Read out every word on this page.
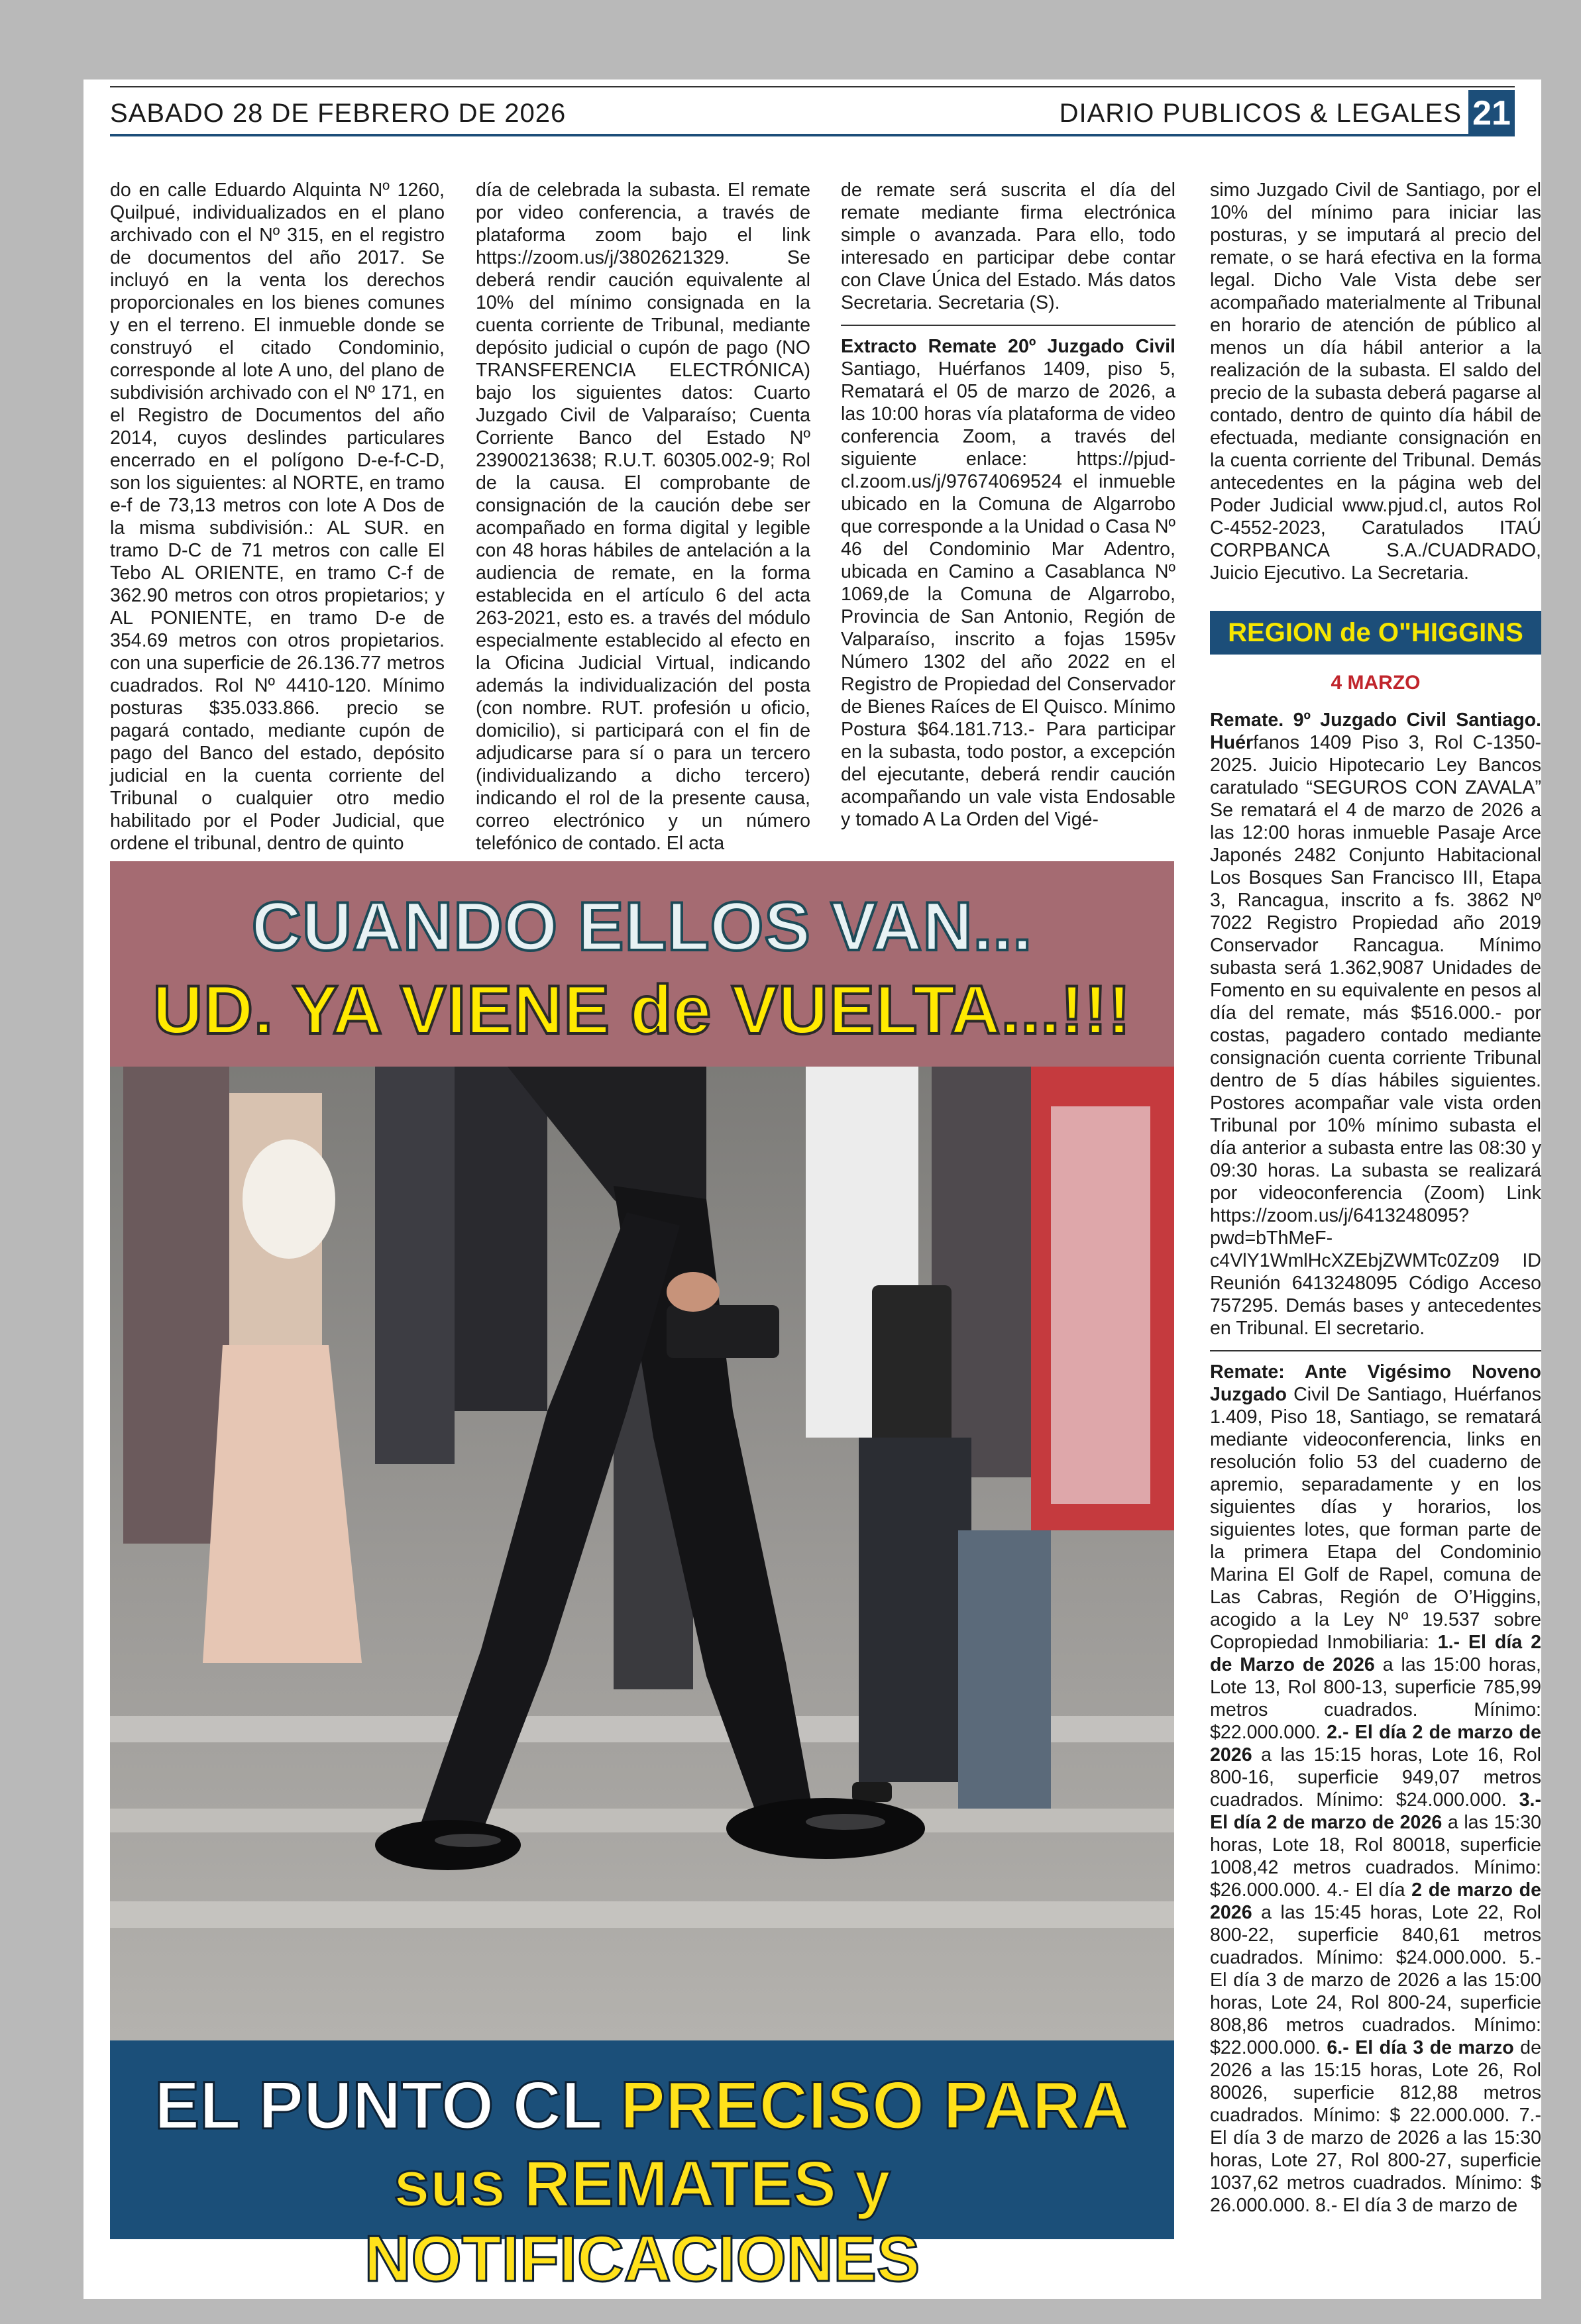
SABADO 28 DE FEBRERO DE 2026	DIARIO PUBLICOS & LEGALES 21

do en calle Eduardo Alquinta Nº 1260, Quilpué, individualizados en el plano archivado con el Nº 315, en el registro de documentos del año 2017. Se incluyó en la venta los derechos proporcionales en los bienes comunes y en el terreno. El inmueble donde se construyó el citado Condominio, corresponde al lote A uno, del plano de subdivisión archivado con el Nº 171, en el Registro de Documentos del año 2014, cuyos deslindes particulares encerrado en el polígono D-e-f-C-D, son los siguientes: al NORTE, en tramo e-f de 73,13 metros con lote A Dos de la misma subdivisión.: AL SUR. en tramo D-C de 71 metros con calle El Tebo AL ORIENTE, en tramo C-f de 362.90 metros con otros propietarios; y AL PONIENTE, en tramo D-e de 354.69 metros con otros propietarios. con una superficie de 26.136.77 metros cuadrados. Rol Nº 4410-120. Mínimo posturas $35.033.866. precio se pagará contado, mediante cupón de pago del Banco del estado, depósito judicial en la cuenta corriente del Tribunal o cualquier otro medio habilitado por el Poder Judicial, que ordene el tribunal, dentro de quinto

día de celebrada la subasta. El remate por video conferencia, a través de plataforma zoom bajo el link https://zoom.us/j/3802621329. Se deberá rendir caución equivalente al 10% del mínimo consignada en la cuenta corriente de Tribunal, mediante depósito judicial o cupón de pago (NO TRANSFERENCIA ELECTRÓNICA) bajo los siguientes datos: Cuarto Juzgado Civil de Valparaíso; Cuenta Corriente Banco del Estado Nº 23900213638; R.U.T. 60305.002-9; Rol de la causa. El comprobante de consignación de la caución debe ser acompañado en forma digital y legible con 48 horas hábiles de antelación a la audiencia de remate, en la forma establecida en el artículo 6 del acta 263-2021, esto es. a través del módulo especialmente establecido al efecto en la Oficina Judicial Virtual, indicando además la individualización del posta (con nombre. RUT. profesión u oficio, domicilio), si participará con el fin de adjudicarse para sí o para un tercero (individualizando a dicho tercero) indicando el rol de la presente causa, correo electrónico y un número telefónico de contado. El acta

de remate será suscrita el día del remate mediante firma electrónica simple o avanzada. Para ello, todo interesado en participar debe contar con Clave Única del Estado. Más datos Secretaria. Secretaria (S).

Extracto Remate 20º Juzgado Civil Santiago, Huérfanos 1409, piso 5, Rematará el 05 de marzo de 2026, a las 10:00 horas vía plataforma de video conferencia Zoom, a través del siguiente enlace: https://pjud-cl.zoom.us/j/97674069524 el inmueble ubicado en la Comuna de Algarrobo que corresponde a la Unidad o Casa Nº 46 del Condominio Mar Adentro, ubicada en Camino a Casablanca Nº 1069,de la Comuna de Algarrobo, Provincia de San Antonio, Región de Valparaíso, inscrito a fojas 1595v Número 1302 del año 2022 en el Registro de Propiedad del Conservador de Bienes Raíces de El Quisco. Mínimo Postura $64.181.713.- Para participar en la subasta, todo postor, a excepción del ejecutante, deberá rendir caución acompañando un vale vista Endosable y tomado A La Orden del Vigé-

simo Juzgado Civil de Santiago, por el 10% del mínimo para iniciar las posturas, y se imputará al precio del remate, o se hará efectiva en la forma legal. Dicho Vale Vista debe ser acompañado materialmente al Tribunal en horario de atención de público al menos un día hábil anterior a la realización de la subasta. El saldo del precio de la subasta deberá pagarse al contado, dentro de quinto día hábil de efectuada, mediante consignación en la cuenta corriente del Tribunal. Demás antecedentes en la página web del Poder Judicial www.pjud.cl, autos Rol C-4552-2023, Caratulados ITAÚ CORPBANCA S.A./CUADRADO, Juicio Ejecutivo. La Secretaria.

REGION de O"HIGGINS
4 MARZO

Remate. 9º Juzgado Civil Santiago. Huérfanos 1409 Piso 3, Rol C-1350-2025. Juicio Hipotecario Ley Bancos caratulado “SEGUROS CON ZAVALA” Se rematará el 4 de marzo de 2026 a las 12:00 horas inmueble Pasaje Arce Japonés 2482 Conjunto Habitacional Los Bosques San Francisco III, Etapa 3, Rancagua, inscrito a fs. 3862 Nº 7022 Registro Propiedad año 2019 Conservador Rancagua. Mínimo subasta será 1.362,9087 Unidades de Fomento en su equivalente en pesos al día del remate, más $516.000.- por costas, pagadero contado mediante consignación cuenta corriente Tribunal dentro de 5 días hábiles siguientes. Postores acompañar vale vista orden Tribunal por 10% mínimo subasta el día anterior a subasta entre las 08:30 y 09:30 horas. La subasta se realizará por videoconferencia (Zoom) Link https://zoom.us/j/6413248095?pwd=bThMeF-c4VlY1WmlHcXZEbjZWMTc0Zz09 ID Reunión 6413248095 Código Acceso 757295. Demás bases y antecedentes en Tribunal. El secretario.

Remate: Ante Vigésimo Noveno Juzgado Civil De Santiago, Huérfanos 1.409, Piso 18, Santiago, se rematará mediante videoconferencia, links en resolución folio 53 del cuaderno de apremio, separadamente y en los siguientes días y horarios, los siguientes lotes, que forman parte de la primera Etapa del Condominio Marina El Golf de Rapel, comuna de Las Cabras, Región de O’Higgins, acogido a la Ley Nº 19.537 sobre Copropiedad Inmobiliaria: 1.- El día 2 de Marzo de 2026 a las 15:00 horas, Lote 13, Rol 800-13, superficie 785,99 metros cuadrados. Mínimo: $22.000.000. 2.- El día 2 de marzo de 2026 a las 15:15 horas, Lote 16, Rol 800-16, superficie 949,07 metros cuadrados. Mínimo: $24.000.000. 3.- El día 2 de marzo de 2026 a las 15:30 horas, Lote 18, Rol 80018, superficie 1008,42 metros cuadrados. Mínimo: $26.000.000. 4.- El día 2 de marzo de 2026 a las 15:45 horas, Lote 22, Rol 800-22, superficie 840,61 metros cuadrados. Mínimo: $24.000.000. 5.- El día 3 de marzo de 2026 a las 15:00 horas, Lote 24, Rol 800-24, superficie 808,86 metros cuadrados. Mínimo: $22.000.000. 6.- El día 3 de marzo de 2026 a las 15:15 horas, Lote 26, Rol 80026, superficie 812,88 metros cuadrados. Mínimo: $ 22.000.000. 7.- El día 3 de marzo de 2026 a las 15:30 horas, Lote 27, Rol 800-27, superficie 1037,62 metros cuadrados. Mínimo: $ 26.000.000. 8.- El día 3 de marzo de

CUANDO ELLOS VAN...
UD. YA VIENE de VUELTA...!!!
EL PUNTO CL PRECISO PARA
sus REMATES y NOTIFICACIONES
